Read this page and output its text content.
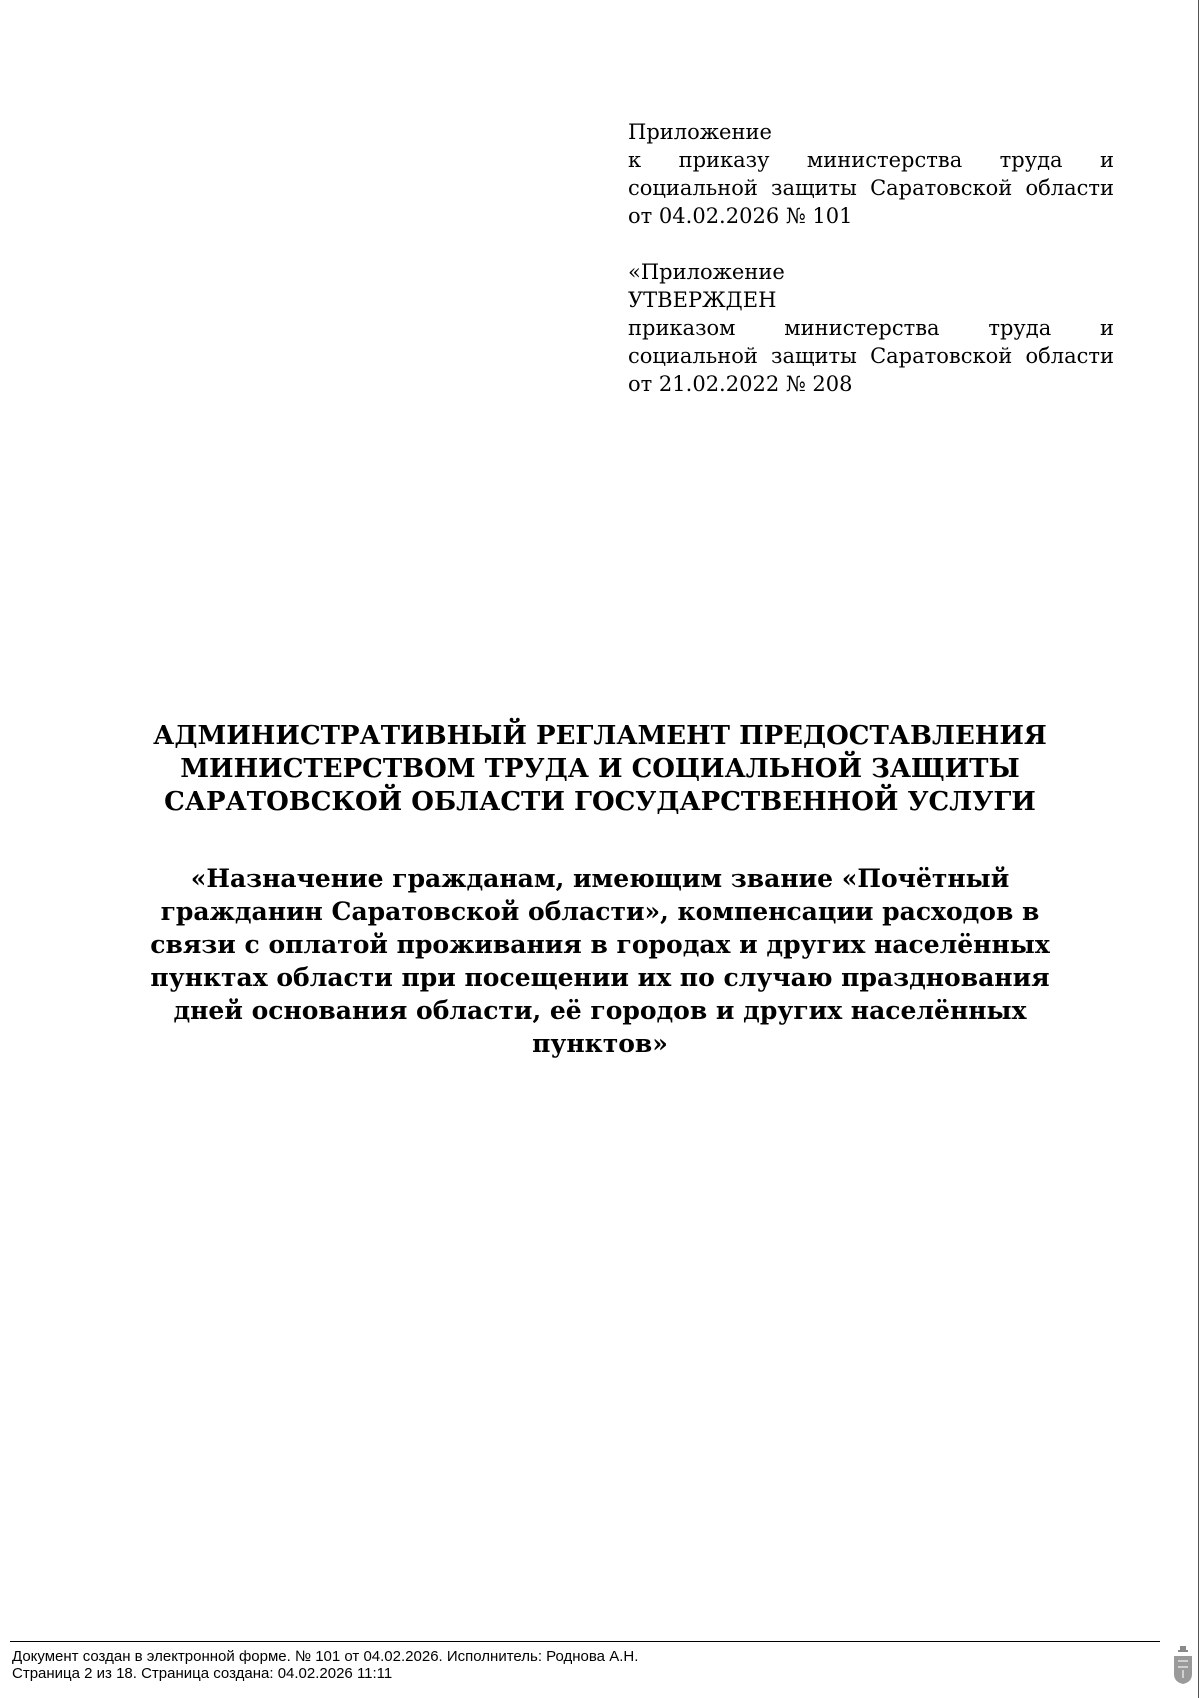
Приложение

к приказу министерства труда и социальной защиты Саратовской области от 04.02.2026 № 101

«Приложение

УТВЕРЖДЕН

приказом министерства труда и социальной защиты Саратовской области от 21.02.2022 № 208

АДМИНИСТРАТИВНЫЙ РЕГЛАМЕНТ ПРЕДОСТАВЛЕНИЯ МИНИСТЕРСТВОМ ТРУДА И СОЦИАЛЬНОЙ ЗАЩИТЫ САРАТОВСКОЙ ОБЛАСТИ ГОСУДАРСТВЕННОЙ УСЛУГИ
«Назначение гражданам, имеющим звание «Почётный гражданин Саратовской области», компенсации расходов в связи с оплатой проживания в городах и других населённых пунктах области при посещении их по случаю празднования дней основания области, её городов и других населённых пунктов»
Документ создан в электронной форме. № 101 от 04.02.2026. Исполнитель: Роднова А.Н.
Страница 2 из 18. Страница создана: 04.02.2026 11:11
